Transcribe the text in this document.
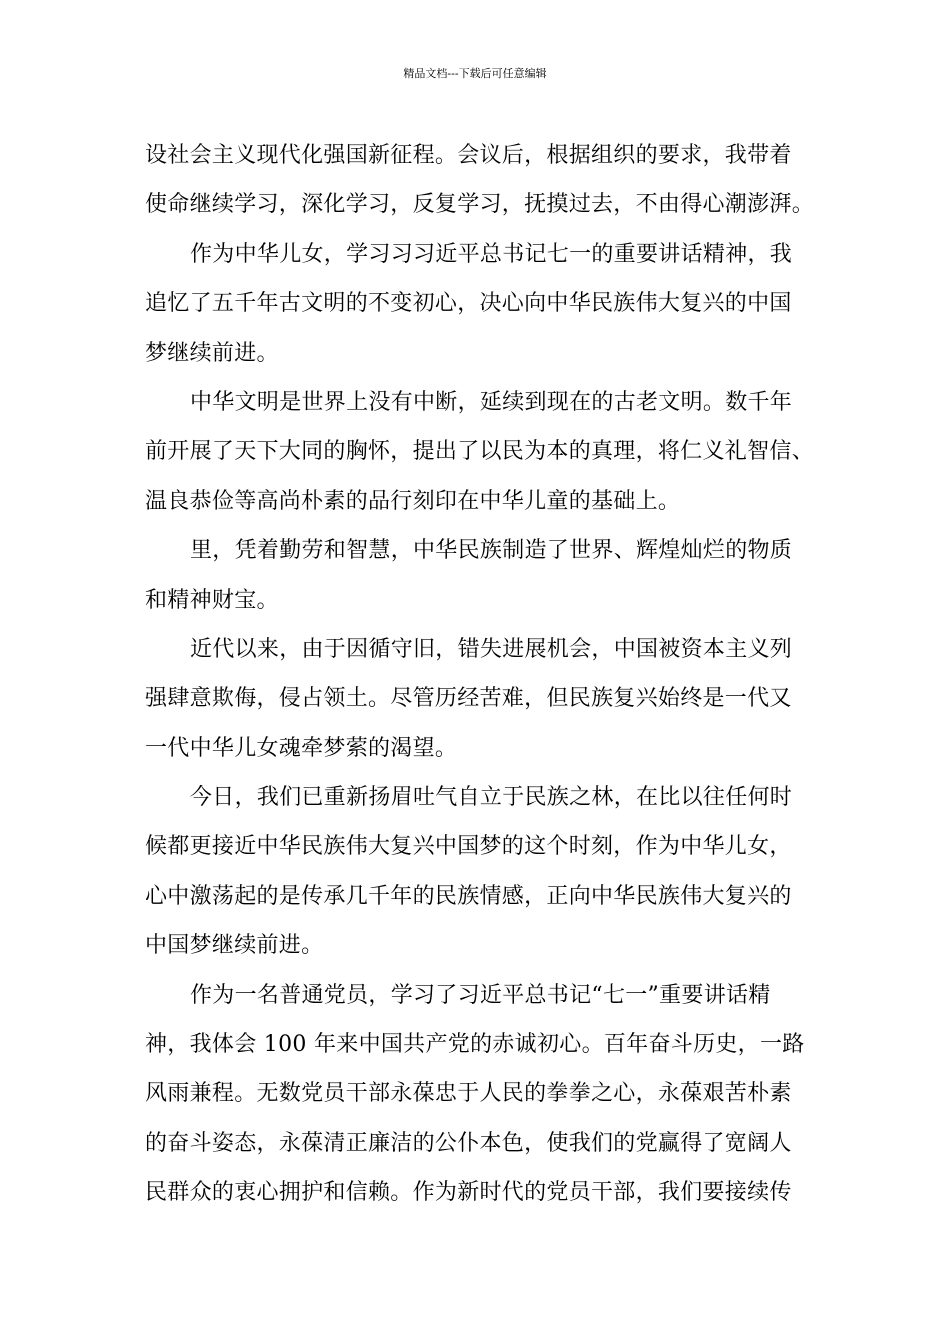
精品文档---下载后可任意编辑
设社会主义现代化强国新征程。会议后，根据组织的要求，我带着
使命继续学习，深化学习，反复学习，抚摸过去，不由得心潮澎湃。
作为中华儿女，学习习习近平总书记七一的重要讲话精神，我
追忆了五千年古文明的不变初心，决心向中华民族伟大复兴的中国
梦继续前进。
中华文明是世界上没有中断，延续到现在的古老文明。数千年
前开展了天下大同的胸怀，提出了以民为本的真理，将仁义礼智信、
温良恭俭等高尚朴素的品行刻印在中华儿童的基础上。
里，凭着勤劳和智慧，中华民族制造了世界、辉煌灿烂的物质
和精神财宝。
近代以来，由于因循守旧，错失进展机会，中国被资本主义列
强肆意欺侮，侵占领土。尽管历经苦难，但民族复兴始终是一代又
一代中华儿女魂牵梦萦的渴望。
今日，我们已重新扬眉吐气自立于民族之林，在比以往任何时
候都更接近中华民族伟大复兴中国梦的这个时刻，作为中华儿女，
心中激荡起的是传承几千年的民族情感，正向中华民族伟大复兴的
中国梦继续前进。
作为一名普通党员，学习了习近平总书记“七一”重要讲话精
神，我体会 100 年来中国共产党的赤诚初心。百年奋斗历史，一路
风雨兼程。无数党员干部永葆忠于人民的拳拳之心，永葆艰苦朴素
的奋斗姿态，永葆清正廉洁的公仆本色，使我们的党赢得了宽阔人
民群众的衷心拥护和信赖。作为新时代的党员干部，我们要接续传
